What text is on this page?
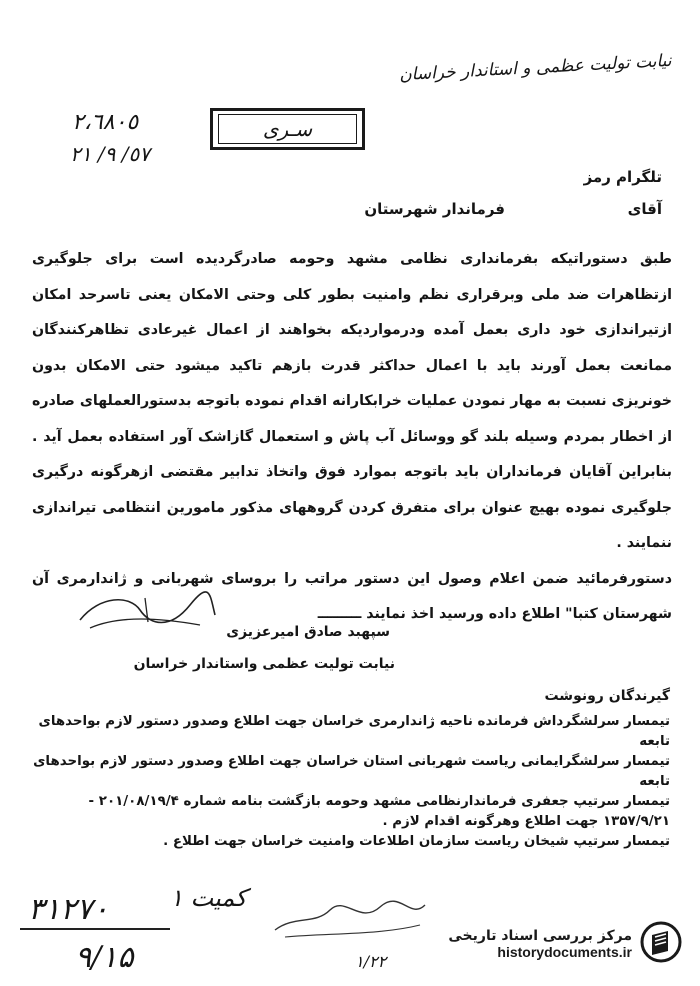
نیابت تولیت عظمی و استاندار خراسان
سـری
۲،٦٨٠٥
٥٧/ ٩/ ٢١
تلگرام رمز
آقای
فرماندار شهرستان

طبق دستوراتیکه بفرمانداری نظامی مشهد وحومه صادرگردیده است برای جلوگیری ازتظاهرات ضد ملی وبرقراری نظم وامنیت بطور کلی وحتی الامکان یعنی تاسرحد امکان ازتیراندازی خود داری بعمل آمده ودرمواردیکه بخواهند از اعمال غیرعادی تظاهرکنندگان ممانعت بعمل آورند باید با اعمال حداکثر قدرت بازهم تاکید میشود حتی الامکان بدون خونریزی نسبت به مهار نمودن عملیات خرابکارانه اقدام نموده باتوجه بدستورالعملهای صادره از اخطار بمردم وسیله بلند گو ووسائل آب پاش و استعمال گازاشک آور استفاده بعمل آید . بنابراین آقایان فرمانداران باید باتوجه بموارد فوق واتخاذ تدابیر مقتضی ازهرگونه درگیری جلوگیری نموده بهیچ عنوان برای متفرق کردن گروههای مذکور مامورین انتظامی تیراندازی ننمایند .

دستورفرمائید ضمن اعلام وصول این دستور مراتب را بروسای شهربانی و ژاندارمری آن شهرستان کتبا" اطلاع داده ورسید اخذ نمایند ـــــــــ

سپهبد صادق امیرعزیزی
نیابت تولیت عظمی واستاندار خراسان
گیرندگان رونوشت

تیمسار سرلشگرداش فرمانده ناحیه ژاندارمری خراسان جهت اطلاع وصدور دستور لازم بواحدهای تابعه

تیمسار سرلشگرایمانی ریاست شهربانی استان خراسان جهت اطلاع وصدور دستور لازم بواحدهای تابعه

تیمسار سرتیپ جعفری فرماندارنظامی مشهد وحومه بازگشت بنامه شماره ۲۰۱/۰۸/۱۹/۴ - ۱۳۵۷/۹/۲۱ جهت اطلاع وهرگونه اقدام لازم .

تیمسار سرتیپ شیخان ریاست سازمان اطلاعات وامنیت خراسان جهت اطلاع .

۳۱۲۷۰	کمیت ۱
۹/۱۵	۱/۲۲
مرکز بررسی اسناد تاریخی
historydocuments.ir
